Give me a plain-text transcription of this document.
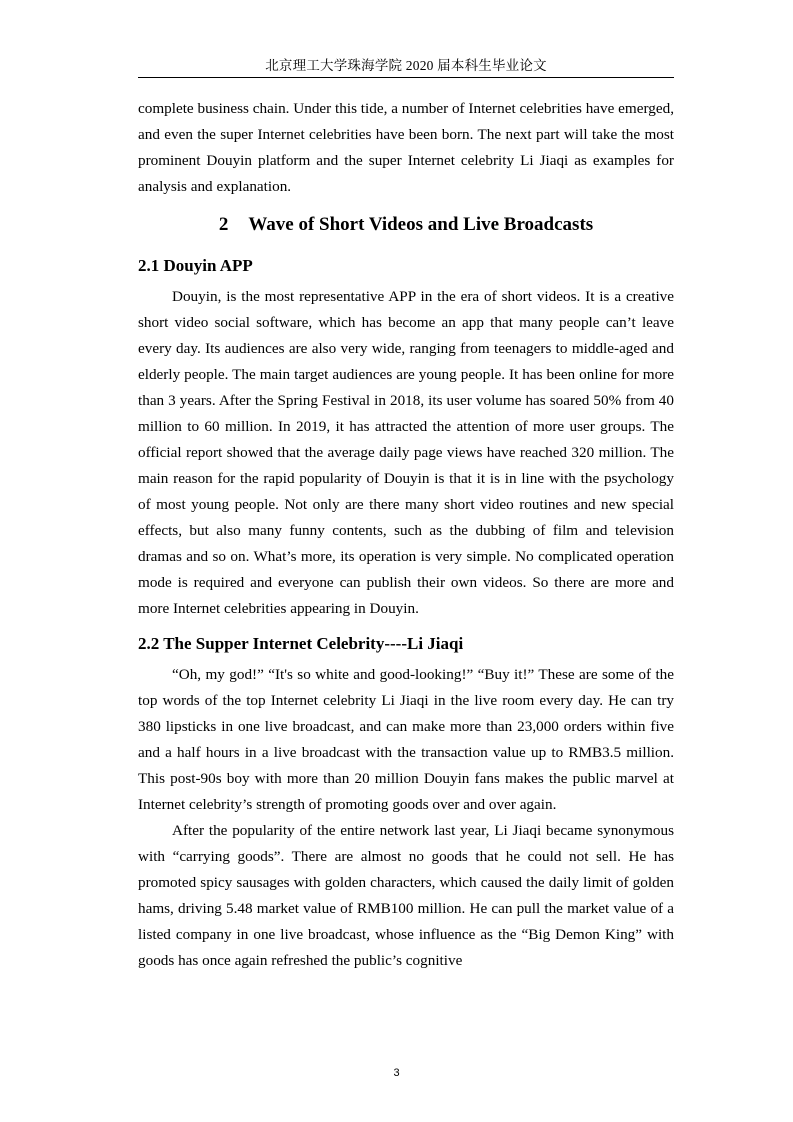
北京理工大学珠海学院 2020 届本科生毕业论文

complete business chain. Under this tide, a number of Internet celebrities have emerged, and even the super Internet celebrities have been born. The next part will take the most prominent Douyin platform and the super Internet celebrity Li Jiaqi as examples for analysis and explanation.

2 Wave of Short Videos and Live Broadcasts
2.1 Douyin APP

Douyin, is the most representative APP in the era of short videos. It is a creative short video social software, which has become an app that many people can’t leave every day. Its audiences are also very wide, ranging from teenagers to middle-aged and elderly people. The main target audiences are young people. It has been online for more than 3 years. After the Spring Festival in 2018, its user volume has soared 50% from 40 million to 60 million. In 2019, it has attracted the attention of more user groups. The official report showed that the average daily page views have reached 320 million. The main reason for the rapid popularity of Douyin is that it is in line with the psychology of most young people. Not only are there many short video routines and new special effects, but also many funny contents, such as the dubbing of film and television dramas and so on. What’s more, its operation is very simple. No complicated operation mode is required and everyone can publish their own videos. So there are more and more Internet celebrities appearing in Douyin.

2.2 The Supper Internet Celebrity----Li Jiaqi

“Oh, my god!” “It's so white and good-looking!” “Buy it!” These are some of the top words of the top Internet celebrity Li Jiaqi in the live room every day. He can try 380 lipsticks in one live broadcast, and can make more than 23,000 orders within five and a half hours in a live broadcast with the transaction value up to RMB3.5 million. This post-90s boy with more than 20 million Douyin fans makes the public marvel at Internet celebrity’s strength of promoting goods over and over again.

After the popularity of the entire network last year, Li Jiaqi became synonymous with “carrying goods”. There are almost no goods that he could not sell. He has promoted spicy sausages with golden characters, which caused the daily limit of golden hams, driving 5.48 market value of RMB100 million. He can pull the market value of a listed company in one live broadcast, whose influence as the “Big Demon King” with goods has once again refreshed the public’s cognitive

3
